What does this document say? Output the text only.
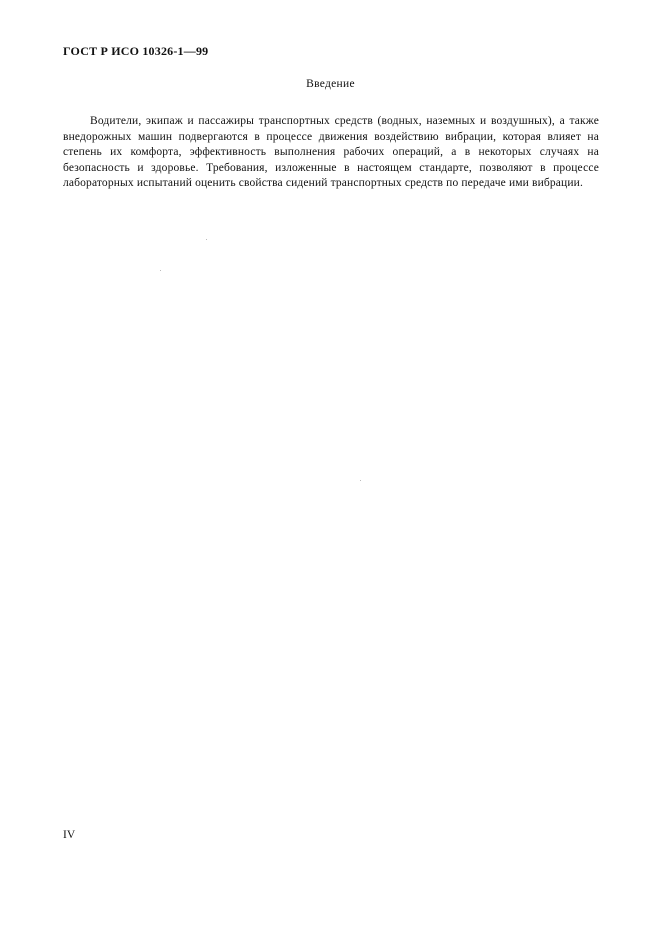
ГОСТ Р ИСО 10326-1—99
Введение

Водители, экипаж и пассажиры транспортных средств (водных, наземных и воздушных), а также внедорожных машин подвергаются в процессе движения воздействию вибрации, которая влияет на степень их комфорта, эффективность выполнения рабочих операций, а в некоторых случаях на безопасность и здоровье. Требования, изложенные в настоящем стандарте, позволяют в процессе лабораторных испытаний оценить свойства сидений транспортных средств по передаче ими вибрации.

IV
